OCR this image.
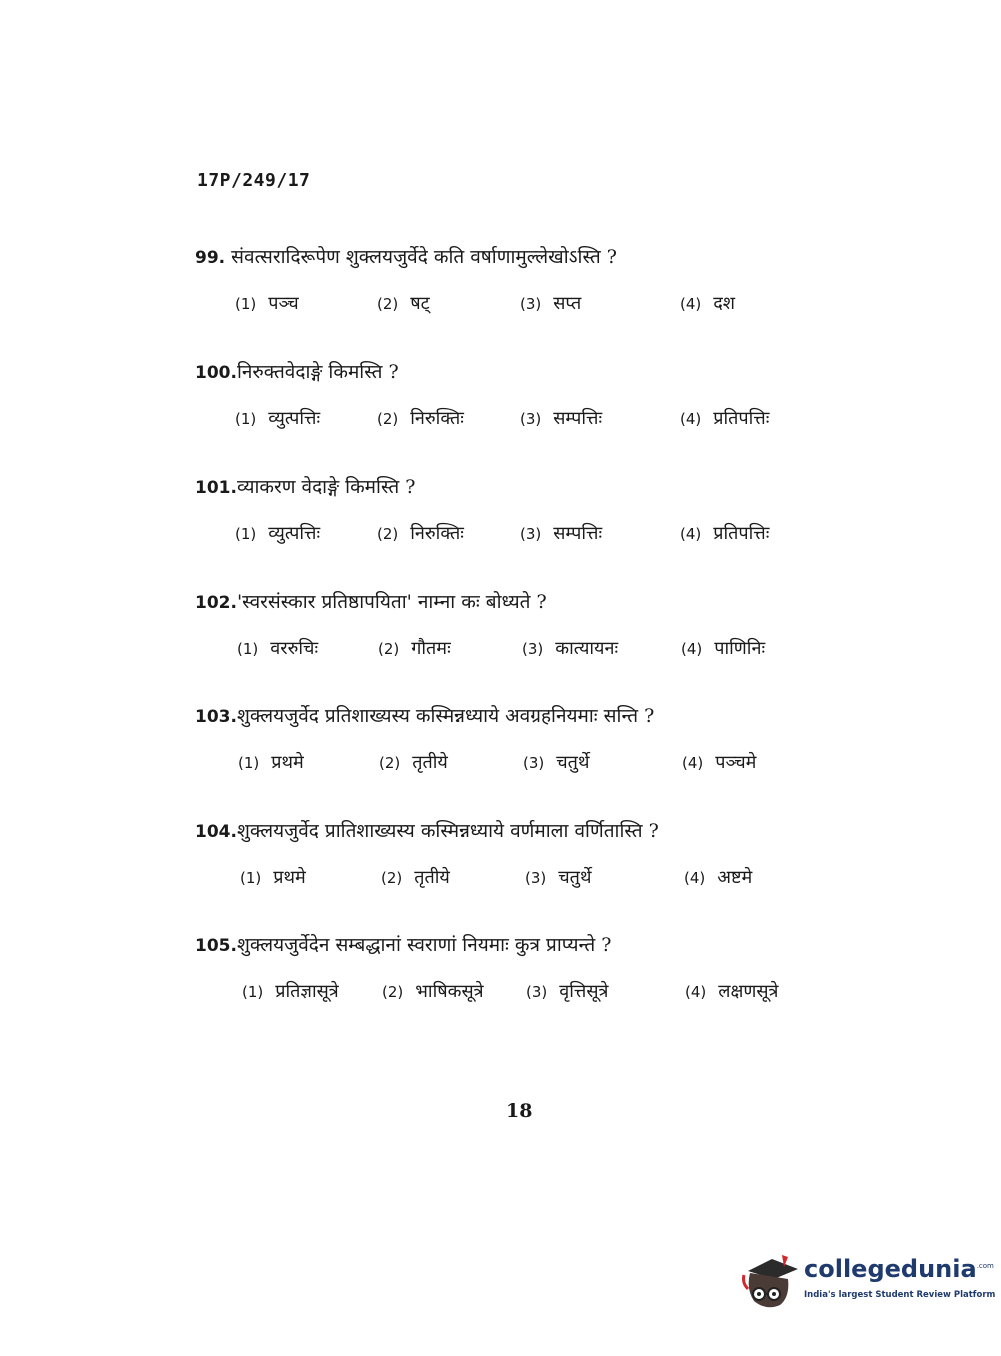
17P/249/17
99. संवत्सरादिरूपेण शुक्लयजुर्वेदे कति वर्षाणामुल्लेखोऽस्ति ?
(1) पञ्च	(2) षट्	(3) सप्त	(4) दश
100.निरुक्तवेदाङ्गे किमस्ति ?
(1) व्युत्पत्तिः	(2) निरुक्तिः	(3) सम्पत्तिः	(4) प्रतिपत्तिः
101.व्याकरण वेदाङ्गे किमस्ति ?
(1) व्युत्पत्तिः	(2) निरुक्तिः	(3) सम्पत्तिः	(4) प्रतिपत्तिः
102.'स्वरसंस्कार प्रतिष्ठापयिता' नाम्ना कः बोध्यते ?
(1) वररुचिः	(2) गौतमः	(3) कात्यायनः	(4) पाणिनिः
103.शुक्लयजुर्वेद प्रतिशाख्यस्य कस्मिन्नध्याये अवग्रहनियमाः सन्ति ?
(1) प्रथमे	(2) तृतीये	(3) चतुर्थे	(4) पञ्चमे
104.शुक्लयजुर्वेद प्रातिशाख्यस्य कस्मिन्नध्याये वर्णमाला वर्णितास्ति ?
(1) प्रथमे	(2) तृतीये	(3) चतुर्थे	(4) अष्टमे
105.शुक्लयजुर्वेदेन सम्बद्धानां स्वराणां नियमाः कुत्र प्राप्यन्ते ?
(1) प्रतिज्ञासूत्रे	(2) भाषिकसूत्रे	(3) वृत्तिसूत्रे	(4) लक्षणसूत्रे
18
collegedunia$^{.com}$
India's largest Student Review Platform
